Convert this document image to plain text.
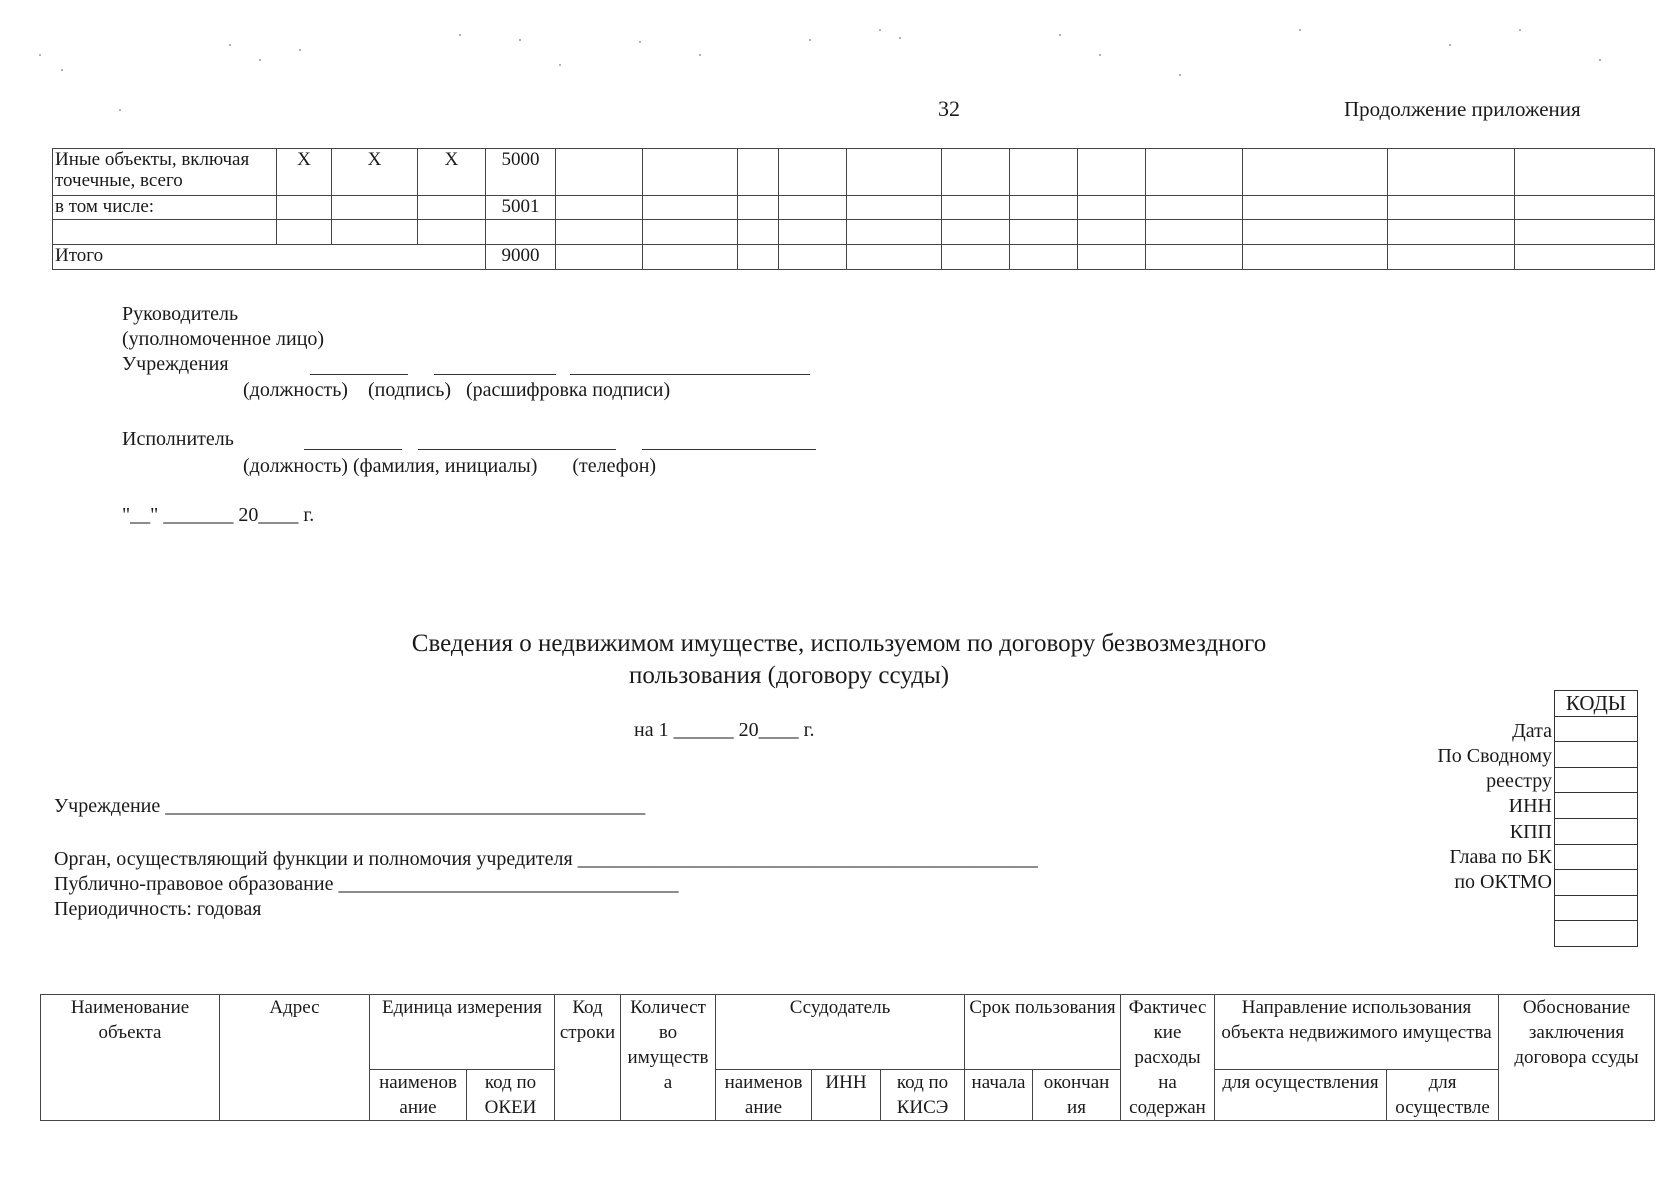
32	Продолжение приложения
Иные объекты, включая точечные, всего	X	X	X	5000												
в том числе:				5001												

Итого				9000												
Руководитель
(уполномоченное лицо)
Учреждения
(должность)    (подпись)   (расшифровка подписи)
Исполнитель
(должность) (фамилия, инициалы)       (телефон)
"__" _______ 20____ г.
Сведения о недвижимом имуществе, используемом по договору безвозмездного
пользования (договору ссуды)
на 1 ______ 20____ г.
Учреждение ________________________________________________
Орган, осуществляющий функции и полномочия учредителя ______________________________________________
Публично-правовое образование __________________________________
Периодичность: годовая
КОДЫ

Дата
По Сводному
реестру
ИНН
КПП
Глава по БК
по ОКТМО
Наименование объекта	Адрес	Единица измерения		Код строки	Количест во имуществ а	Ссудодатель			Срок пользования		Фактичес кие расходы на содержан	Направление использования объекта недвижимого имущества		Обоснование заключения договора ссуды
		наименов ание	код по ОКЕИ			наименов ание	ИНН	код по КИСЭ	начала	окончан ия		для осуществления	для осуществле	
